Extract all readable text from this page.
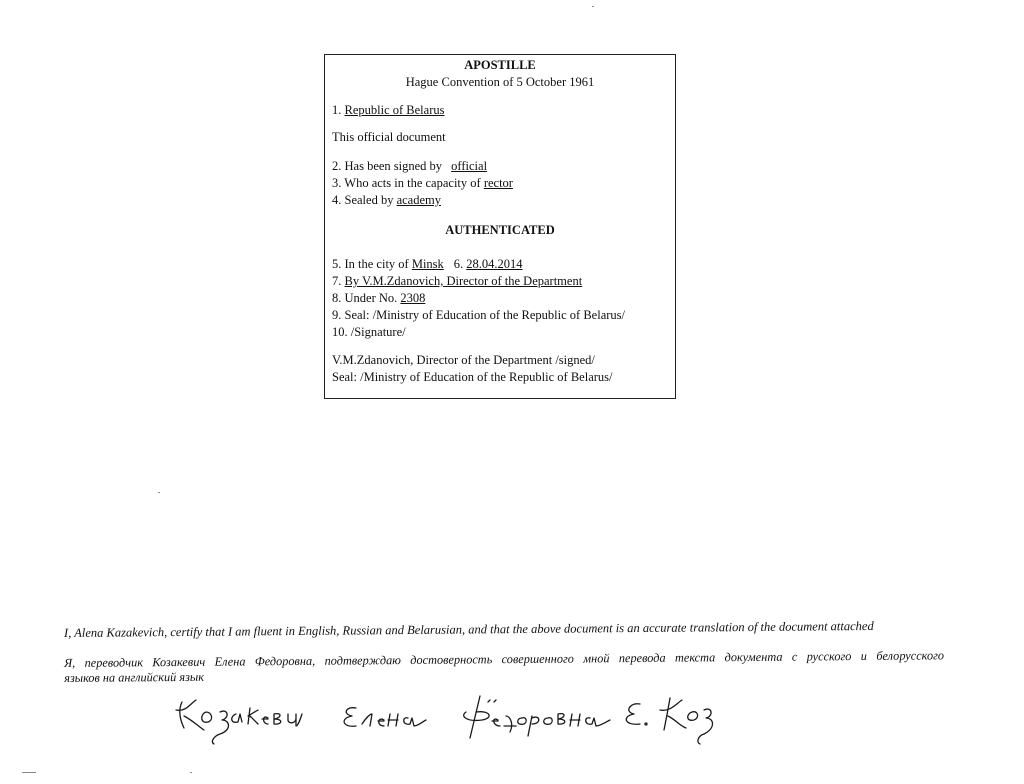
APOSTILLE
Hague Convention of 5 October 1961
1. Republic of Belarus
This official document
2. Has been signed by official
3. Who acts in the capacity of rector
4. Sealed by academy
AUTHENTICATED
5. In the city of Minsk 6. 28.04.2014
7. By V.M.Zdanovich, Director of the Department
8. Under No. 2308
9. Seal: /Ministry of Education of the Republic of Belarus/
10. /Signature/
V.M.Zdanovich, Director of the Department /signed/
Seal: /Ministry of Education of the Republic of Belarus/
I, Alena Kazakevich, certify that I am fluent in English, Russian and Belarusian, and that the above document is an accurate translation of the document attached
Я, переводчик Козакевич Елена Федоровна, подтверждаю достоверность совершенного мной перевода текста документа с русского и белорусского
языков на английский язык
